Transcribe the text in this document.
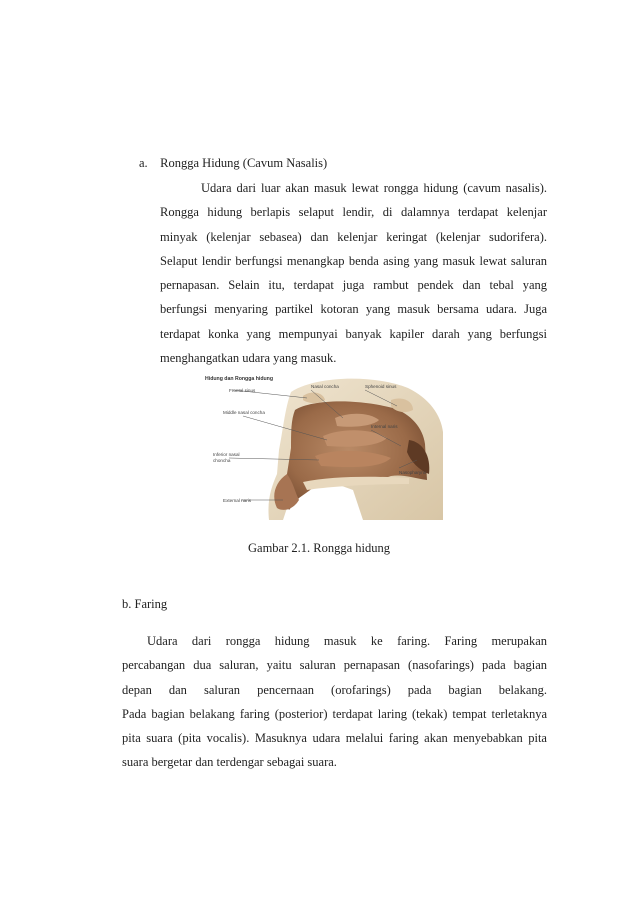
a. Rongga Hidung (Cavum Nasalis)

Udara dari luar akan masuk lewat rongga hidung (cavum nasalis).
Rongga hidung berlapis selaput lendir, di dalamnya terdapat kelenjar
minyak (kelenjar sebasea) dan kelenjar keringat (kelenjar sudorifera).
Selaput lendir berfungsi menangkap benda asing yang masuk lewat saluran
pernapasan. Selain itu, terdapat juga rambut pendek dan tebal yang
berfungsi menyaring partikel kotoran yang masuk bersama udara. Juga
terdapat konka yang mempunyai banyak kapiler darah yang berfungsi
menghangatkan udara yang masuk.
Hidung dan Rongga hidung
Frontal sinus
Nasal concha	Sphenoid sinus
Middle nasal concha
Internal naris
Inferior nasal
choncha
Nasopharynx
External naris

Gambar 2.1. Rongga hidung

b. Faring

  Udara dari rongga hidung masuk ke faring. Faring merupakan
percabangan dua saluran, yaitu saluran pernapasan (nasofarings) pada bagian
depan dan saluran pencernaan (orofarings) pada bagian belakang.
Pada bagian belakang faring (posterior) terdapat laring (tekak) tempat terletaknya
pita suara (pita vocalis). Masuknya udara melalui faring akan menyebabkan pita
suara bergetar dan terdengar sebagai suara.
